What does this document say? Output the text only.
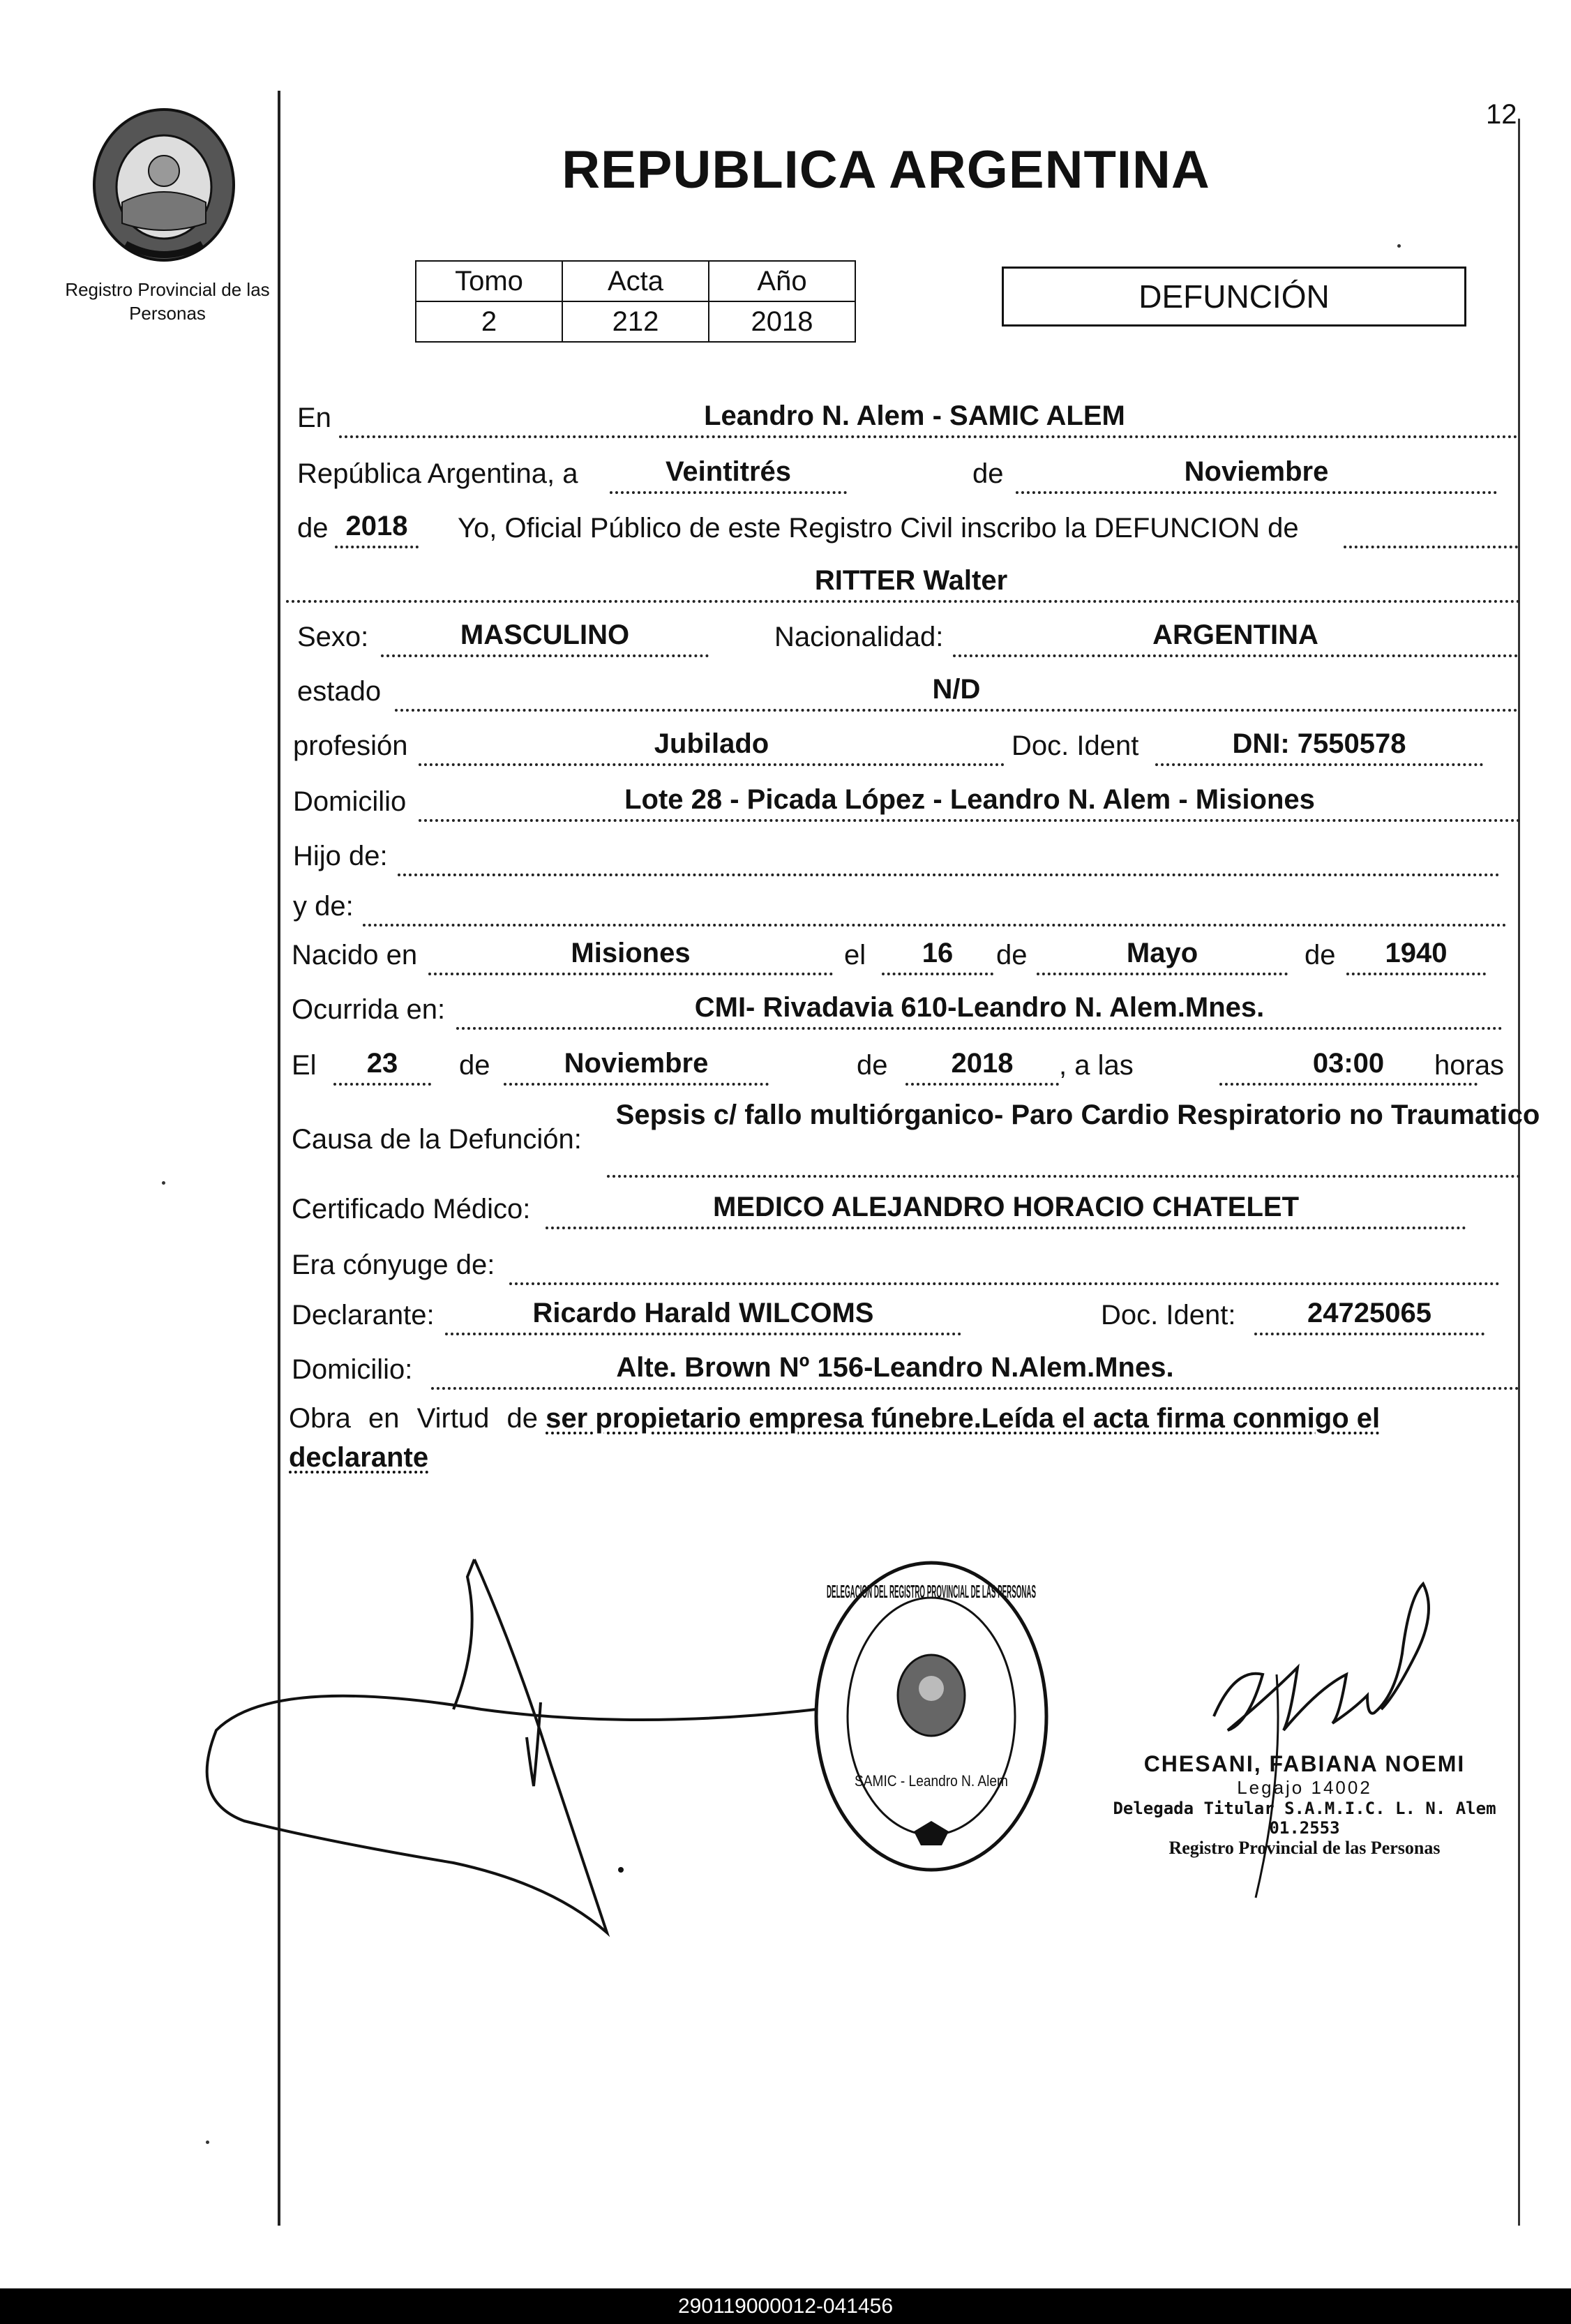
Registro Provincial de las Personas
12
REPUBLICA ARGENTINA
Tomo	Acta	Año
2	212	2018
DEFUNCIÓN
En	Leandro N. Alem - SAMIC ALEM
República Argentina, a	Veintitrés	de	Noviembre
de 2018	Yo, Oficial Público de este Registro Civil inscribo la DEFUNCION de
RITTER Walter
Sexo:	MASCULINO	Nacionalidad:	ARGENTINA
estado	N/D
profesión	Jubilado	Doc. Ident	DNI: 7550578
Domicilio	Lote 28 - Picada López - Leandro N. Alem - Misiones
Hijo de:
y de:
Nacido en	Misiones	el	16	de	Mayo	de	1940
Ocurrida en:	CMI- Rivadavia 610-Leandro N. Alem.Mnes.
El	23	de	Noviembre	de	2018	, a las	03:00	horas
Causa de la Defunción:
Sepsis c/ fallo multiórganico- Paro Cardio Respiratorio no Traumatico
Certificado Médico:	MEDICO ALEJANDRO HORACIO CHATELET
Era cónyuge de:
Declarante:	Ricardo Harald WILCOMS	Doc. Ident:	24725065
Domicilio:	Alte. Brown Nº 156-Leandro N.Alem.Mnes.
Obra en Virtud de ser propietario empresa fúnebre.Leída el acta firma conmigo el declarante
DELEGACION DEL REGISTRO PROVINCIAL DE LAS PERSONAS
SAMIC - Leandro N. Alem
CHESANI, FABIANA NOEMI
Legajo 14002
Delegada Titular S.A.M.I.C. L. N. Alem 01.2553
Registro Provincial de las Personas
290119000012-041456
